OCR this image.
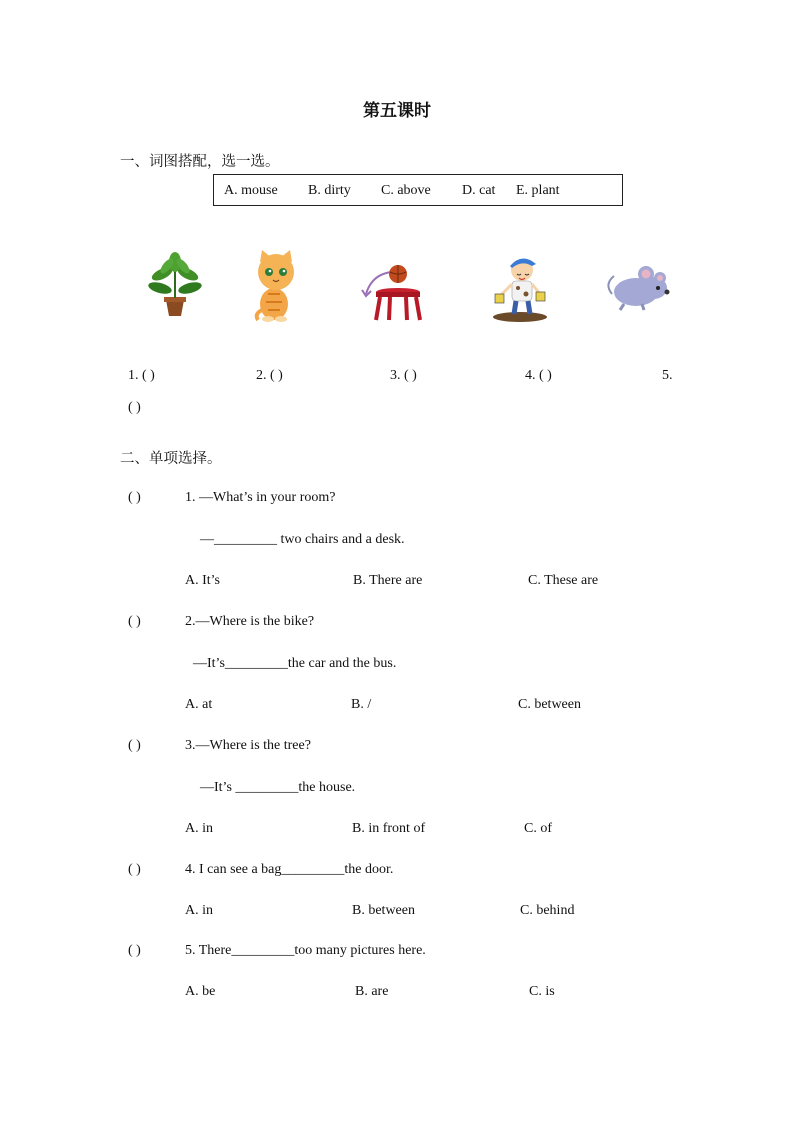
第五课时
一、词图搭配，选一选。
A. mouse B. dirty C. above D. cat E. plant
1. ( )	2. ( )	3. ( )	4. ( )	5.
( )
二、单项选择。
( )	1. —What’s in your room?
—_________ two chairs and a desk.
A. It’s	B. There are	C. These are
( )	2.—Where is the bike?
—It’s_________the car and the bus.
A. at	B. /	C. between
( )	3.—Where is the tree?
—It’s _________the house.
A. in	B. in front of	C. of
( )	4. I can see a bag_________the door.
A. in	B. between	C. behind
( )	5. There_________too many pictures here.
A. be	B. are	C. is
